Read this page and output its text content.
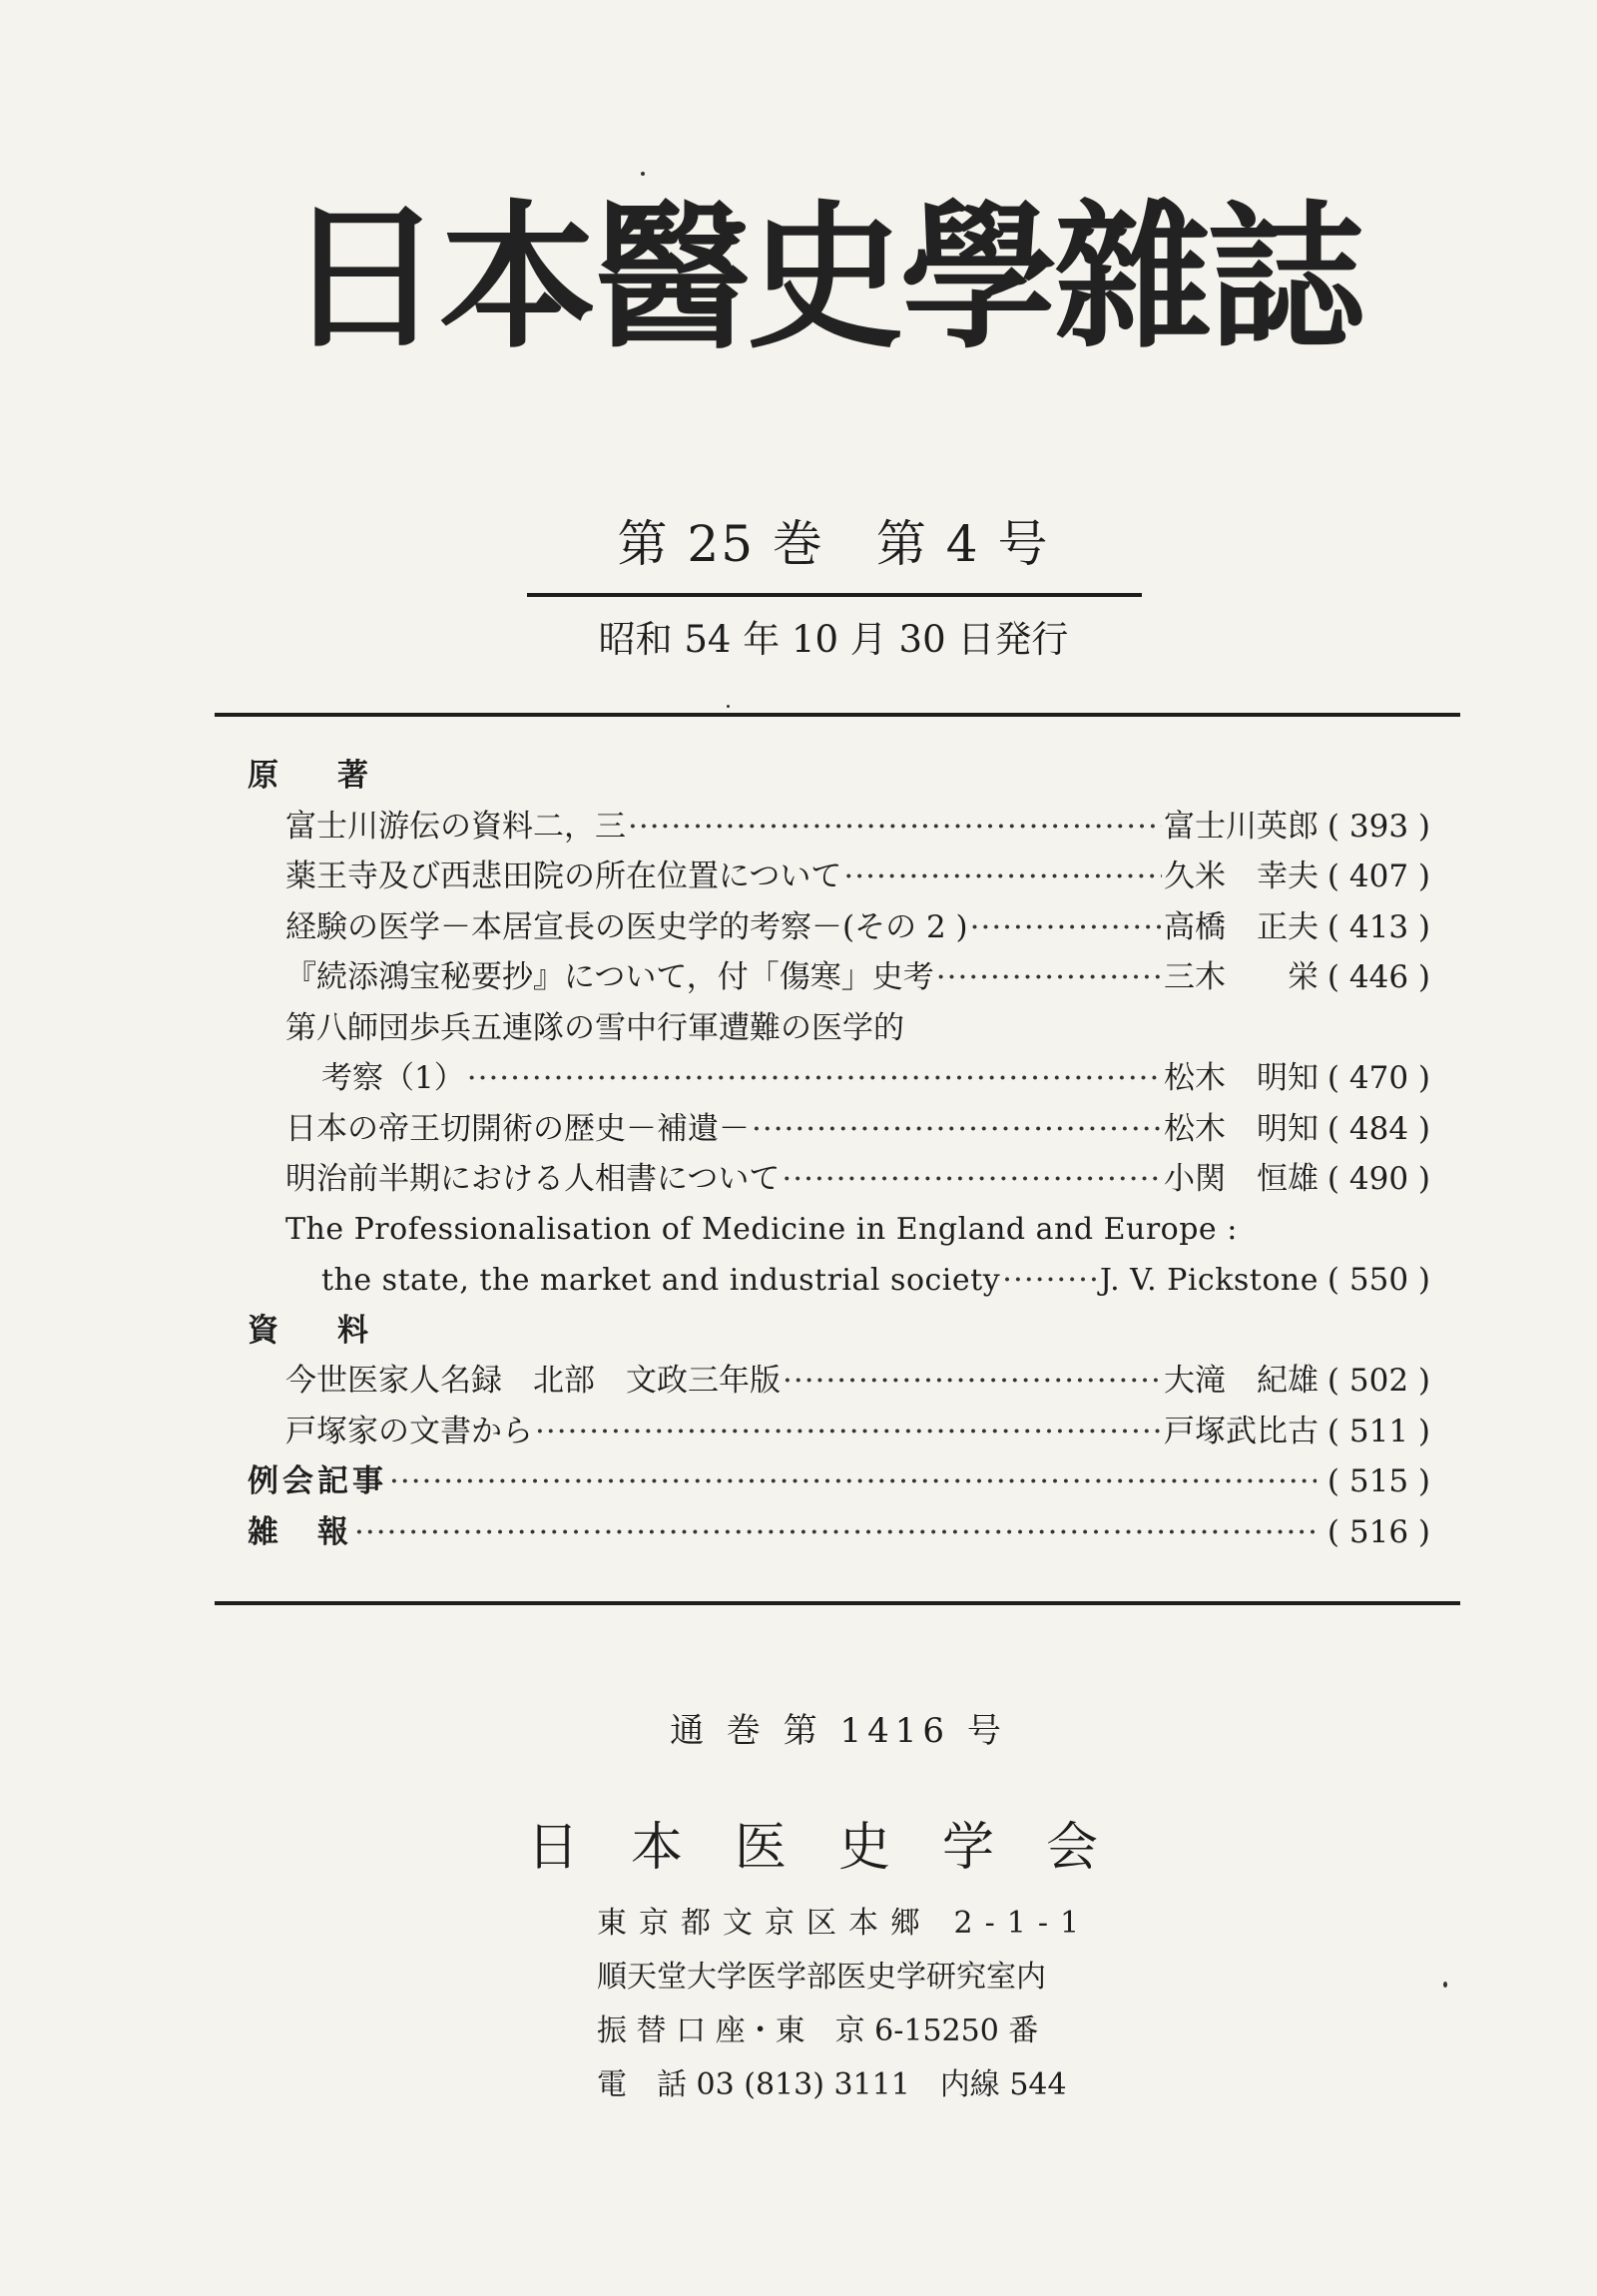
日本醫史學雜誌
第 25 巻　第 4 号
昭和 54 年 10 月 30 日発行
原　著
富士川游伝の資料二，三 ·····	富士川英郎 ( 393 )
薬王寺及び西悲田院の所在位置について ·····	久米　幸夫 ( 407 )
経験の医学－本居宣長の医史学的考察－(その 2 ) ·····	高橋　正夫 ( 413 )
『続添鴻宝秘要抄』について，付「傷寒」史考 ·····	三木　　栄 ( 446 )
第八師団歩兵五連隊の雪中行軍遭難の医学的
考察（1） ·····	松木　明知 ( 470 )
日本の帝王切開術の歴史－補遺－ ·····	松木　明知 ( 484 )
明治前半期における人相書について ·····	小関　恒雄 ( 490 )
The Professionalisation of Medicine in England and Europe :
the state, the market and industrial society ·····	J. V. Pickstone ( 550 )
資　料
今世医家人名録　北部　文政三年版 ·····	大滝　紀雄 ( 502 )
戸塚家の文書から ·····	戸塚武比古 ( 511 )
例会記事 ·····	( 515 )
雑　報 ·····	( 516 )
通 巻 第 1416 号
日本医史学会
東京都文京区本郷 2-1-1
順天堂大学医学部医史学研究室内
振 替 口 座・東　京 6-15250 番
電　話 03 (813) 3111　内線 544
